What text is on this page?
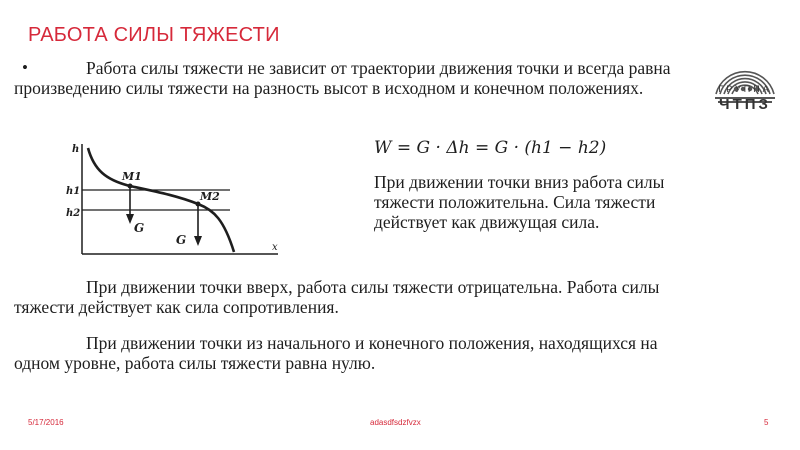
РАБОТА СИЛЫ ТЯЖЕСТИ
ГРУППА
ЧТПЗ
•	Работа силы тяжести не зависит от траектории движения точки и всегда равна произведению силы тяжести на разность высот в исходном и конечном положениях.
h
x
h1
h2
M1
M2
G
G
W = G · Δh = G · (h1 − h2)
При движении точки вниз работа силы тяжести положительна. Сила тяжести действует как движущая сила.
При движении точки вверх, работа силы тяжести отрицательна. Работа силы тяжести действует как сила сопротивления.
При движении точки из начального и конечного положения, находящихся на одном уровне, работа силы тяжести равна нулю.
5/17/2016	adasdfsdzfvzx	5
